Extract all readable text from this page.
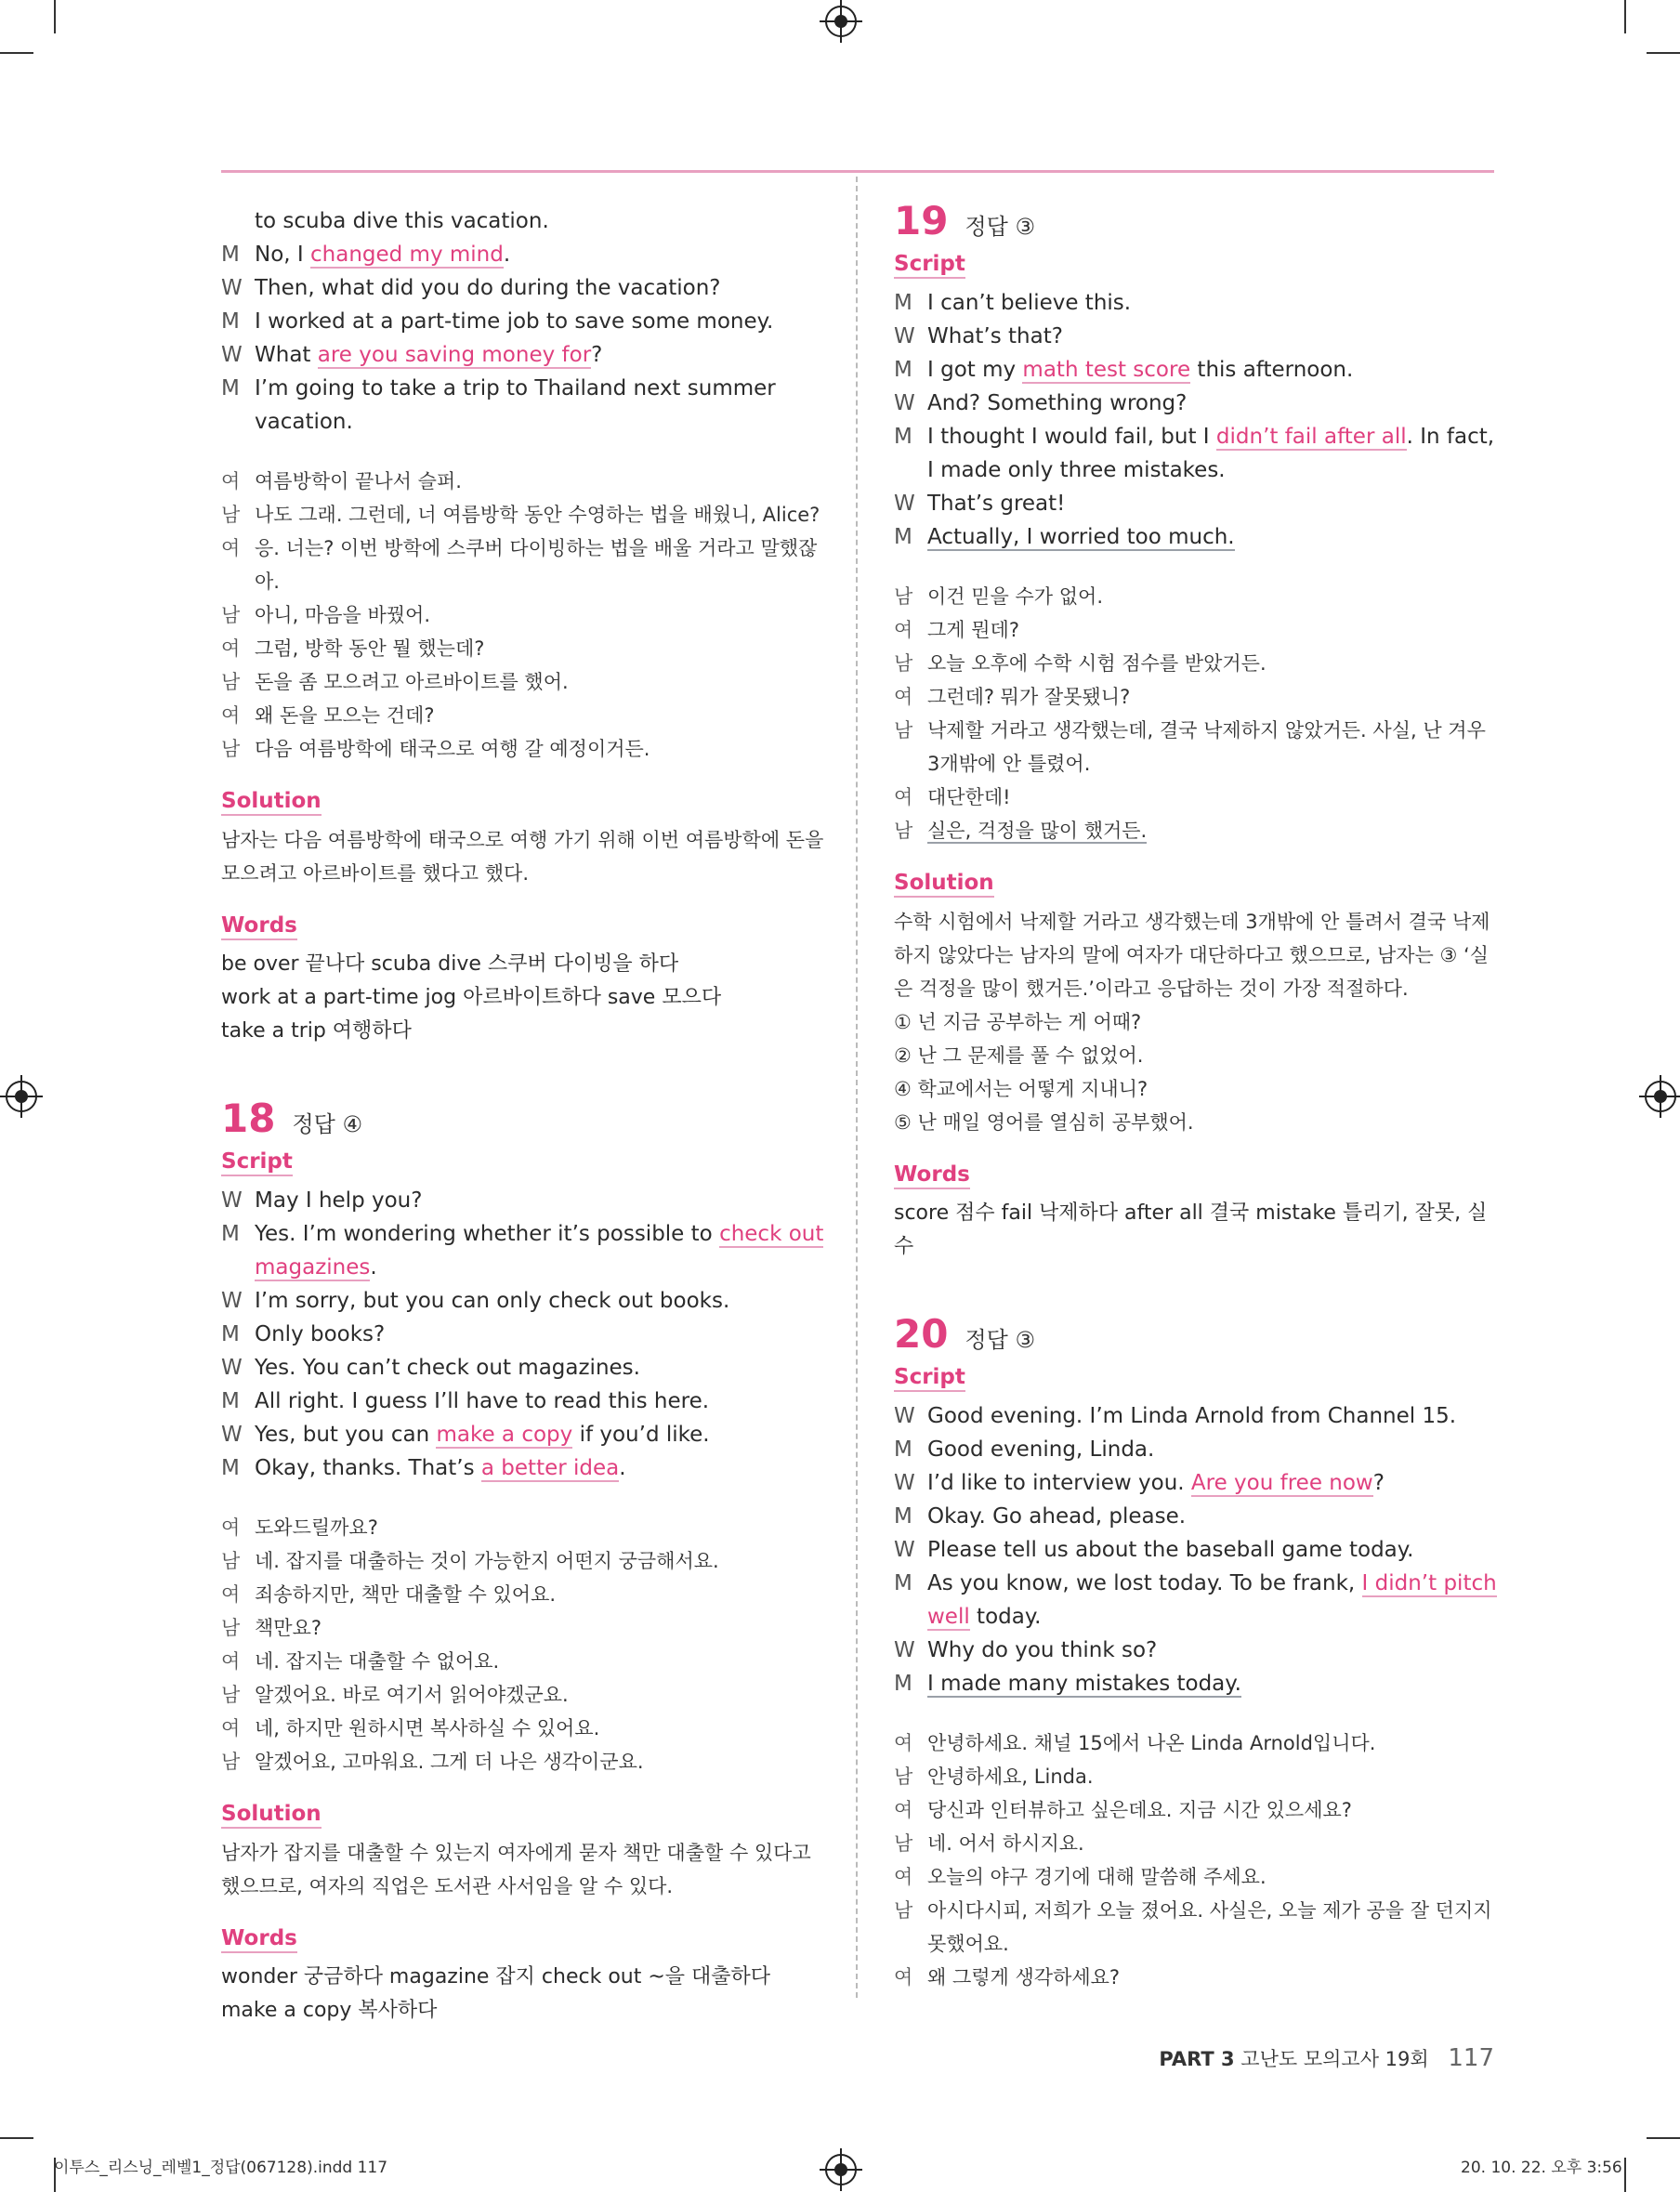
to scuba dive this vacation.
M No, I changed my mind.
W Then, what did you do during the vacation?
M I worked at a part-time job to save some money.
W What are you saving money for?
M I’m going to take a trip to Thailand next summer vacation.
여 여름방학이 끝나서 슬퍼.
남 나도 그래. 그런데, 너 여름방학 동안 수영하는 법을 배웠니, Alice?
여 응. 너는? 이번 방학에 스쿠버 다이빙하는 법을 배울 거라고 말했잖아.
남 아니, 마음을 바꿨어.
여 그럼, 방학 동안 뭘 했는데?
남 돈을 좀 모으려고 아르바이트를 했어.
여 왜 돈을 모으는 건데?
남 다음 여름방학에 태국으로 여행 갈 예정이거든.
Solution
남자는 다음 여름방학에 태국으로 여행 가기 위해 이번 여름방학에 돈을 모으려고 아르바이트를 했다고 했다.
Words
be over 끝나다 scuba dive 스쿠버 다이빙을 하다
work at a part-time jog 아르바이트하다 save 모으다
take a trip 여행하다
18 정답 ④
Script
W May I help you?
M Yes. I’m wondering whether it’s possible to check out magazines.
W I’m sorry, but you can only check out books.
M Only books?
W Yes. You can’t check out magazines.
M All right. I guess I’ll have to read this here.
W Yes, but you can make a copy if you’d like.
M Okay, thanks. That’s a better idea.
여 도와드릴까요?
남 네. 잡지를 대출하는 것이 가능한지 어떤지 궁금해서요.
여 죄송하지만, 책만 대출할 수 있어요.
남 책만요?
여 네. 잡지는 대출할 수 없어요.
남 알겠어요. 바로 여기서 읽어야겠군요.
여 네, 하지만 원하시면 복사하실 수 있어요.
남 알겠어요, 고마워요. 그게 더 나은 생각이군요.
Solution
남자가 잡지를 대출할 수 있는지 여자에게 묻자 책만 대출할 수 있다고 했으므로, 여자의 직업은 도서관 사서임을 알 수 있다.
Words
wonder 궁금하다 magazine 잡지 check out ~을 대출하다
make a copy 복사하다
19 정답 ③
Script
M I can’t believe this.
W What’s that?
M I got my math test score this afternoon.
W And? Something wrong?
M I thought I would fail, but I didn’t fail after all. In fact, I made only three mistakes.
W That’s great!
M Actually, I worried too much.
남 이건 믿을 수가 없어.
여 그게 뭔데?
남 오늘 오후에 수학 시험 점수를 받았거든.
여 그런데? 뭐가 잘못됐니?
남 낙제할 거라고 생각했는데, 결국 낙제하지 않았거든. 사실, 난 겨우 3개밖에 안 틀렸어.
여 대단한데!
남 실은, 걱정을 많이 했거든.
Solution
수학 시험에서 낙제할 거라고 생각했는데 3개밖에 안 틀려서 결국 낙제하지 않았다는 남자의 말에 여자가 대단하다고 했으므로, 남자는 ③ ‘실은 걱정을 많이 했거든.’이라고 응답하는 것이 가장 적절하다.
① 넌 지금 공부하는 게 어때?
② 난 그 문제를 풀 수 없었어.
④ 학교에서는 어떻게 지내니?
⑤ 난 매일 영어를 열심히 공부했어.
Words
score 점수 fail 낙제하다 after all 결국 mistake 틀리기, 잘못, 실수
20 정답 ③
Script
W Good evening. I’m Linda Arnold from Channel 15.
M Good evening, Linda.
W I’d like to interview you. Are you free now?
M Okay. Go ahead, please.
W Please tell us about the baseball game today.
M As you know, we lost today. To be frank, I didn’t pitch well today.
W Why do you think so?
M I made many mistakes today.
여 안녕하세요. 채널 15에서 나온 Linda Arnold입니다.
남 안녕하세요, Linda.
여 당신과 인터뷰하고 싶은데요. 지금 시간 있으세요?
남 네. 어서 하시지요.
여 오늘의 야구 경기에 대해 말씀해 주세요.
남 아시다시피, 저희가 오늘 졌어요. 사실은, 오늘 제가 공을 잘 던지지 못했어요.
여 왜 그렇게 생각하세요?
PART 3 고난도 모의고사 19회 117
이투스_리스닝_레벨1_정답(067128).indd 117	20. 10. 22. 오후 3:56
